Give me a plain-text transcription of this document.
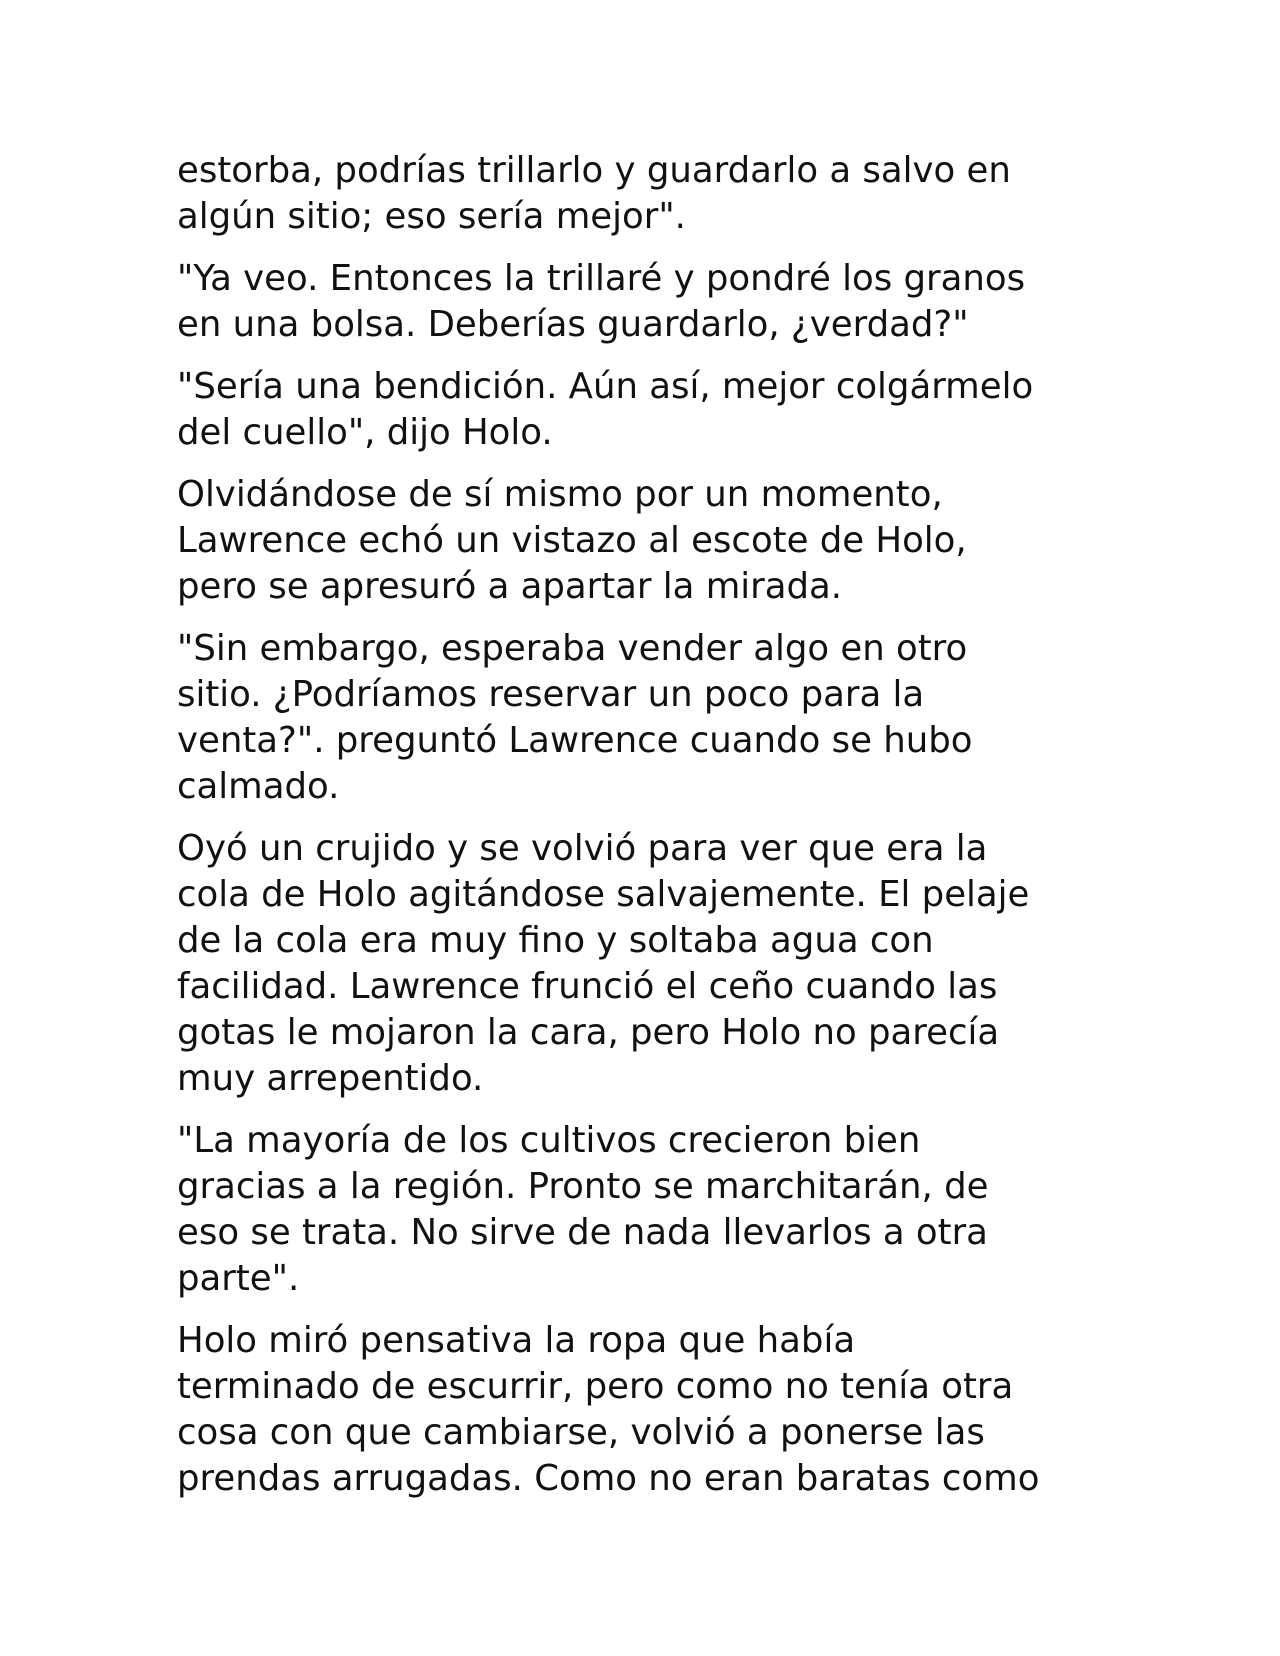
estorba, podrías trillarlo y guardarlo a salvo en
algún sitio; eso sería mejor".

"Ya veo. Entonces la trillaré y pondré los granos
en una bolsa. Deberías guardarlo, ¿verdad?"

"Sería una bendición. Aún así, mejor colgármelo
del cuello", dijo Holo.

Olvidándose de sí mismo por un momento,
Lawrence echó un vistazo al escote de Holo,
pero se apresuró a apartar la mirada.

"Sin embargo, esperaba vender algo en otro
sitio. ¿Podríamos reservar un poco para la
venta?". preguntó Lawrence cuando se hubo
calmado.

Oyó un crujido y se volvió para ver que era la
cola de Holo agitándose salvajemente. El pelaje
de la cola era muy fino y soltaba agua con
facilidad. Lawrence frunció el ceño cuando las
gotas le mojaron la cara, pero Holo no parecía
muy arrepentido.

"La mayoría de los cultivos crecieron bien
gracias a la región. Pronto se marchitarán, de
eso se trata. No sirve de nada llevarlos a otra
parte".

Holo miró pensativa la ropa que había
terminado de escurrir, pero como no tenía otra
cosa con que cambiarse, volvió a ponerse las
prendas arrugadas. Como no eran baratas como
